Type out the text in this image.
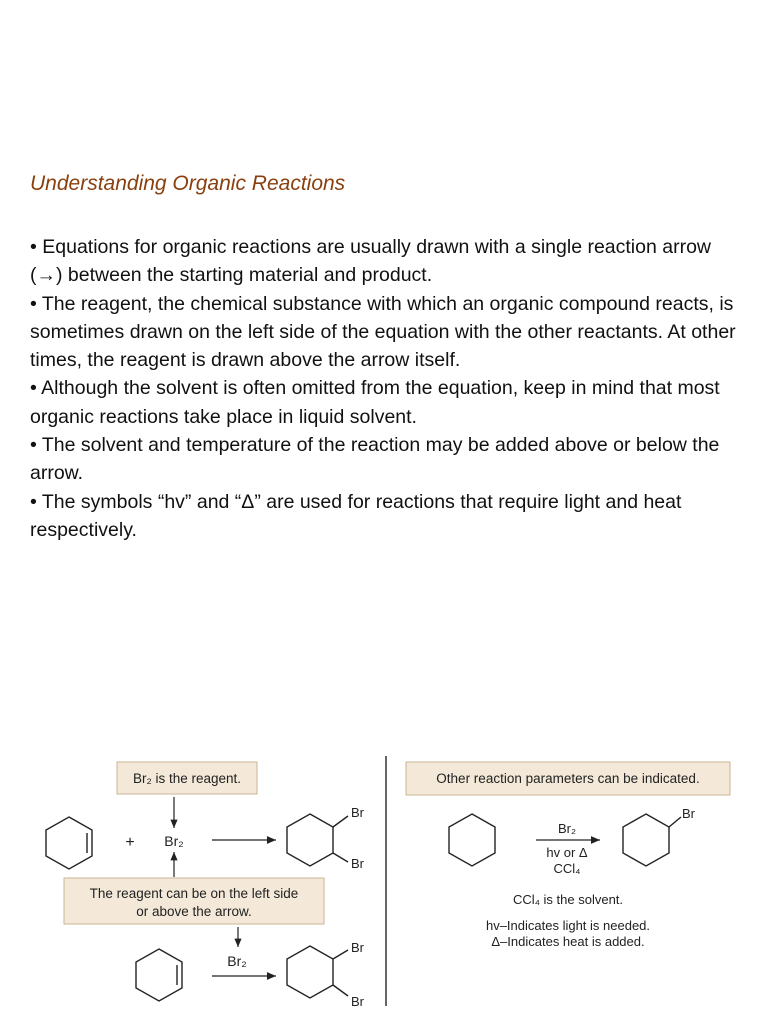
Understanding Organic Reactions

• Equations for organic reactions are usually drawn with a single reaction arrow (→) between the starting material and product.

• The reagent, the chemical substance with which an organic compound reacts, is sometimes drawn on the left side of the equation with the other reactants. At other times, the reagent is drawn above the arrow itself.

• Although the solvent is often omitted from the equation, keep in mind that most organic reactions take place in liquid solvent.

• The solvent and temperature of the reaction may be added above or below the arrow.

• The symbols “hv” and “Δ” are used for reactions that require light and heat respectively.

Br₂ is the reagent.
+ Br₂
Br
Br
The reagent can be on the left side
or above the arrow.
Br₂
Br
Br
Other reaction parameters can be indicated.
Br₂
hv or Δ
CCl₄
Br
CCl₄ is the solvent.
hv–Indicates light is needed.
Δ–Indicates heat is added.
